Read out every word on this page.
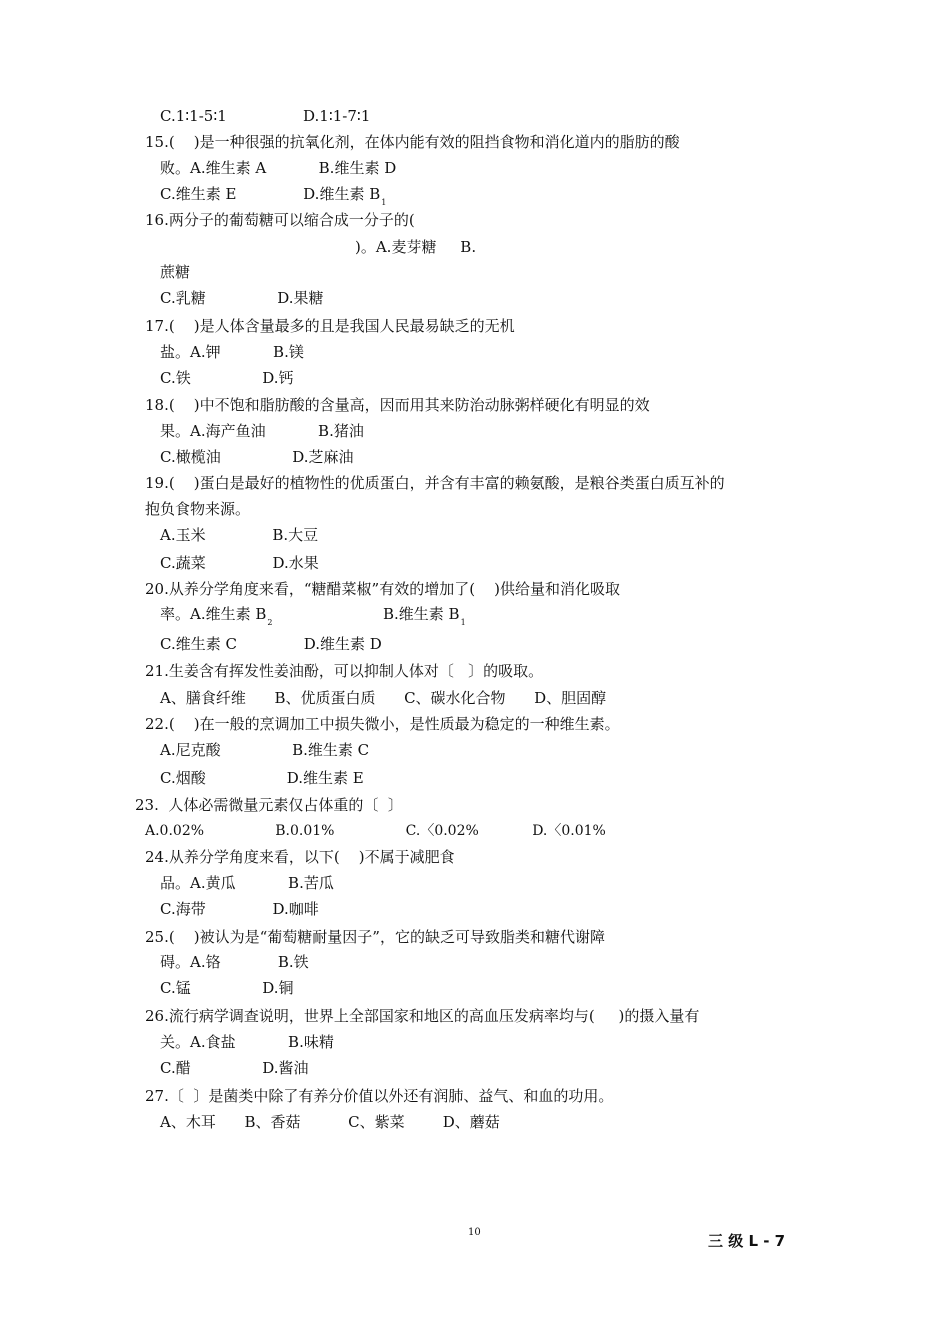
C.1∶1-5∶1                D.1∶1-7∶1
15.(    )是一种很强的抗氧化剂，在体内能有效的阻挡食物和消化道内的脂肪的酸
败。A.维生素 A           B.维生素 D
C.维生素 E              D.维生素 $B_1$
16.两分子的葡萄糖可以缩合成一分子的(
)。A.麦芽糖     B.
蔗糖
C.乳糖               D.果糖
17.(    )是人体含量最多的且是我国人民最易缺乏的无机
盐。A.钾           B.镁
C.铁               D.钙
18.(    )中不饱和脂肪酸的含量高，因而用其来防治动脉粥样硬化有明显的效
果。A.海产鱼油           B.猪油
C.橄榄油               D.芝麻油
19.(    )蛋白是最好的植物性的优质蛋白，并含有丰富的赖氨酸，是粮谷类蛋白质互补的
抱负食物来源。
A.玉米              B.大豆
C.蔬菜              D.水果
20.从养分学角度来看，“糖醋菜椒”有效的增加了(    )供给量和消化吸取
率。A.维生素 $B_2$	B.维生素 $B_1$
C.维生素 C              D.维生素 D
21.生姜含有挥发性姜油酚，可以抑制人体对〔   〕的吸取。
A、膳食纤维      B、优质蛋白质      C、碳水化合物      D、胆固醇
22.(    )在一般的烹调加工中损失微小，是性质最为稳定的一种维生素。
A.尼克酸               B.维生素 C
C.烟酸                 D.维生素 E
23.  人体必需微量元素仅占体重的〔  〕
A.0.02%                B.0.01%                C.〈0.02%            D.〈0.01%
24.从养分学角度来看，以下(    )不属于减肥食
品。A.黄瓜           B.苦瓜
C.海带              D.咖啡
25.(    )被认为是“葡萄糖耐量因子”，它的缺乏可导致脂类和糖代谢障
碍。A.铬            B.铁
C.锰               D.铜
26.流行病学调查说明，世界上全部国家和地区的高血压发病率均与(     )的摄入量有
关。A.食盐           B.味精
C.醋               D.酱油
27.〔  〕是菌类中除了有养分价值以外还有润肺、益气、和血的功用。
A、木耳      B、香菇          C、紫菜        D、蘑菇
10	三 级 L - 7
